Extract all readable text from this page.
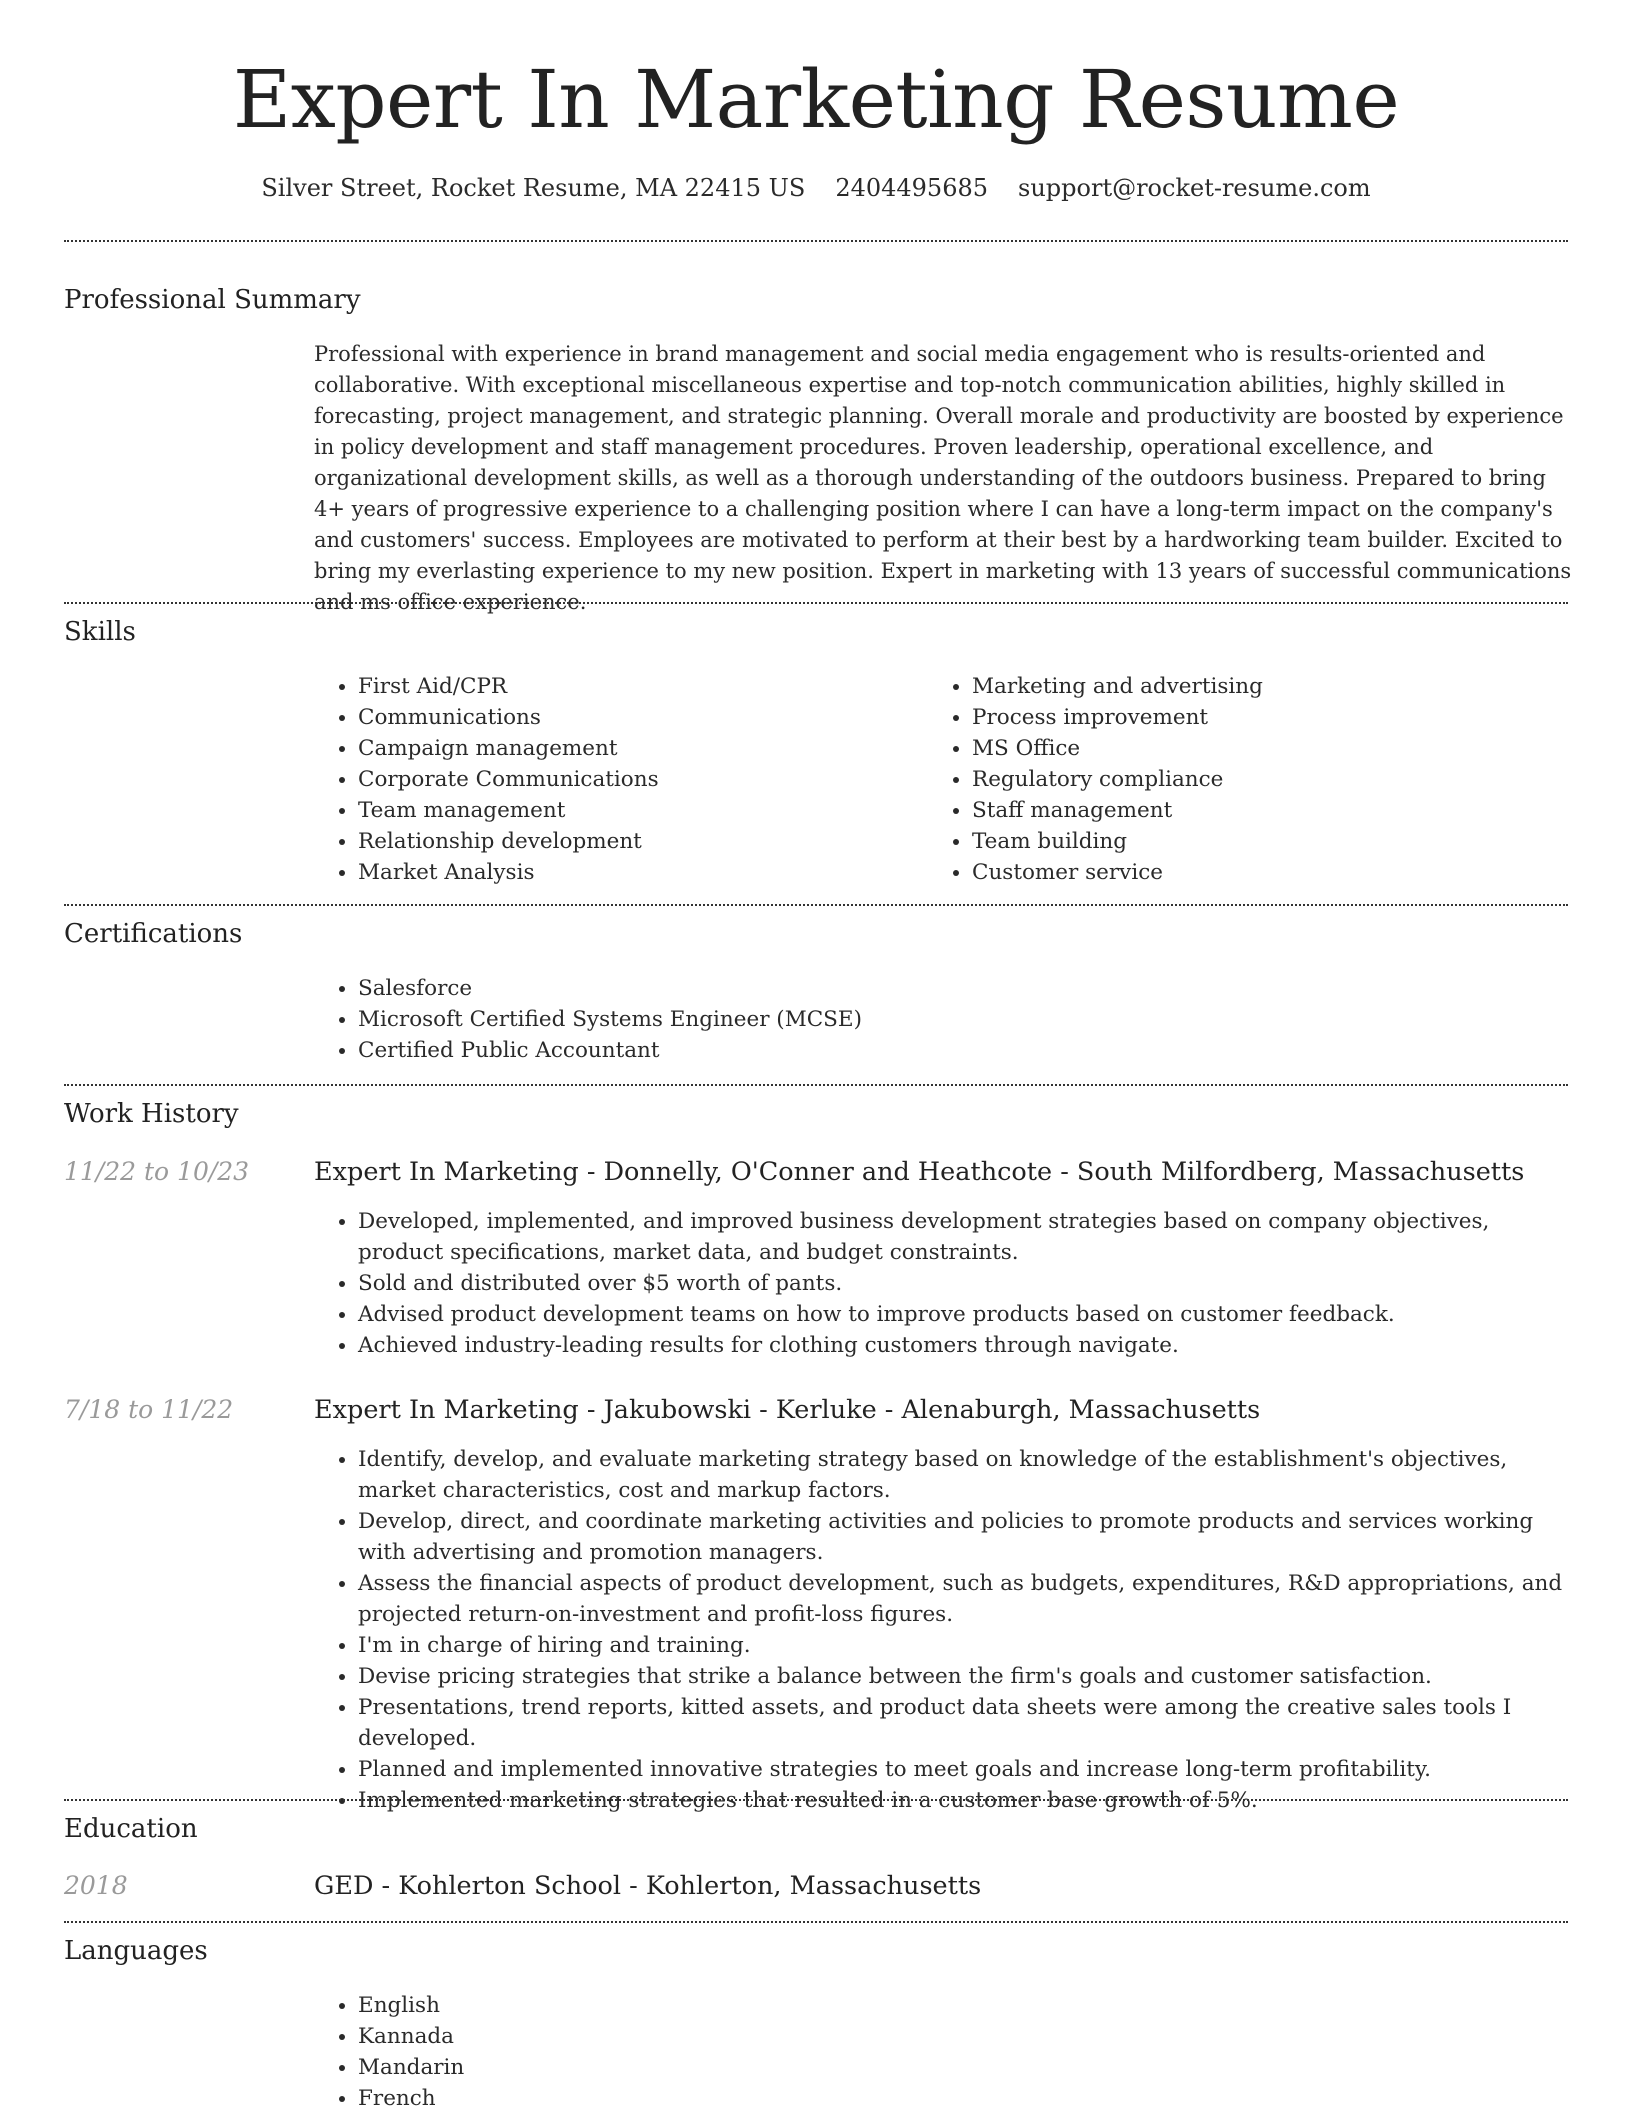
Expert In Marketing Resume
Silver Street, Rocket Resume, MA 22415 US 2404495685 support@rocket-resume.com
Professional Summary

Professional with experience in brand management and social media engagement who is results-oriented and collaborative. With exceptional miscellaneous expertise and top-notch communication abilities, highly skilled in forecasting, project management, and strategic planning. Overall morale and productivity are boosted by experience in policy development and staff management procedures. Proven leadership, operational excellence, and organizational development skills, as well as a thorough understanding of the outdoors business. Prepared to bring 4+ years of progressive experience to a challenging position where I can have a long-term impact on the company's and customers' success. Employees are motivated to perform at their best by a hardworking team builder. Excited to bring my everlasting experience to my new position. Expert in marketing with 13 years of successful communications and ms office experience.

Skills
• First Aid/CPR
• Communications
• Campaign management
• Corporate Communications
• Team management
• Relationship development
• Market Analysis
• Marketing and advertising
• Process improvement
• MS Office
• Regulatory compliance
• Staff management
• Team building
• Customer service
Certifications
• Salesforce
• Microsoft Certified Systems Engineer (MCSE)
• Certified Public Accountant
Work History
11/22 to 10/23	Expert In Marketing - Donnelly, O'Conner and Heathcote - South Milfordberg, Massachusetts
• Developed, implemented, and improved business development strategies based on company objectives, product specifications, market data, and budget constraints.
• Sold and distributed over $5 worth of pants.
• Advised product development teams on how to improve products based on customer feedback.
• Achieved industry-leading results for clothing customers through navigate.
7/18 to 11/22	Expert In Marketing - Jakubowski - Kerluke - Alenaburgh, Massachusetts
• Identify, develop, and evaluate marketing strategy based on knowledge of the establishment's objectives, market characteristics, cost and markup factors.
• Develop, direct, and coordinate marketing activities and policies to promote products and services working with advertising and promotion managers.
• Assess the financial aspects of product development, such as budgets, expenditures, R&D appropriations, and projected return-on-investment and profit-loss figures.
• I'm in charge of hiring and training.
• Devise pricing strategies that strike a balance between the firm's goals and customer satisfaction.
• Presentations, trend reports, kitted assets, and product data sheets were among the creative sales tools I developed.
• Planned and implemented innovative strategies to meet goals and increase long-term profitability.
• Implemented marketing strategies that resulted in a customer base growth of 5%.
Education
2018	GED - Kohlerton School - Kohlerton, Massachusetts
Languages
• English
• Kannada
• Mandarin
• French
